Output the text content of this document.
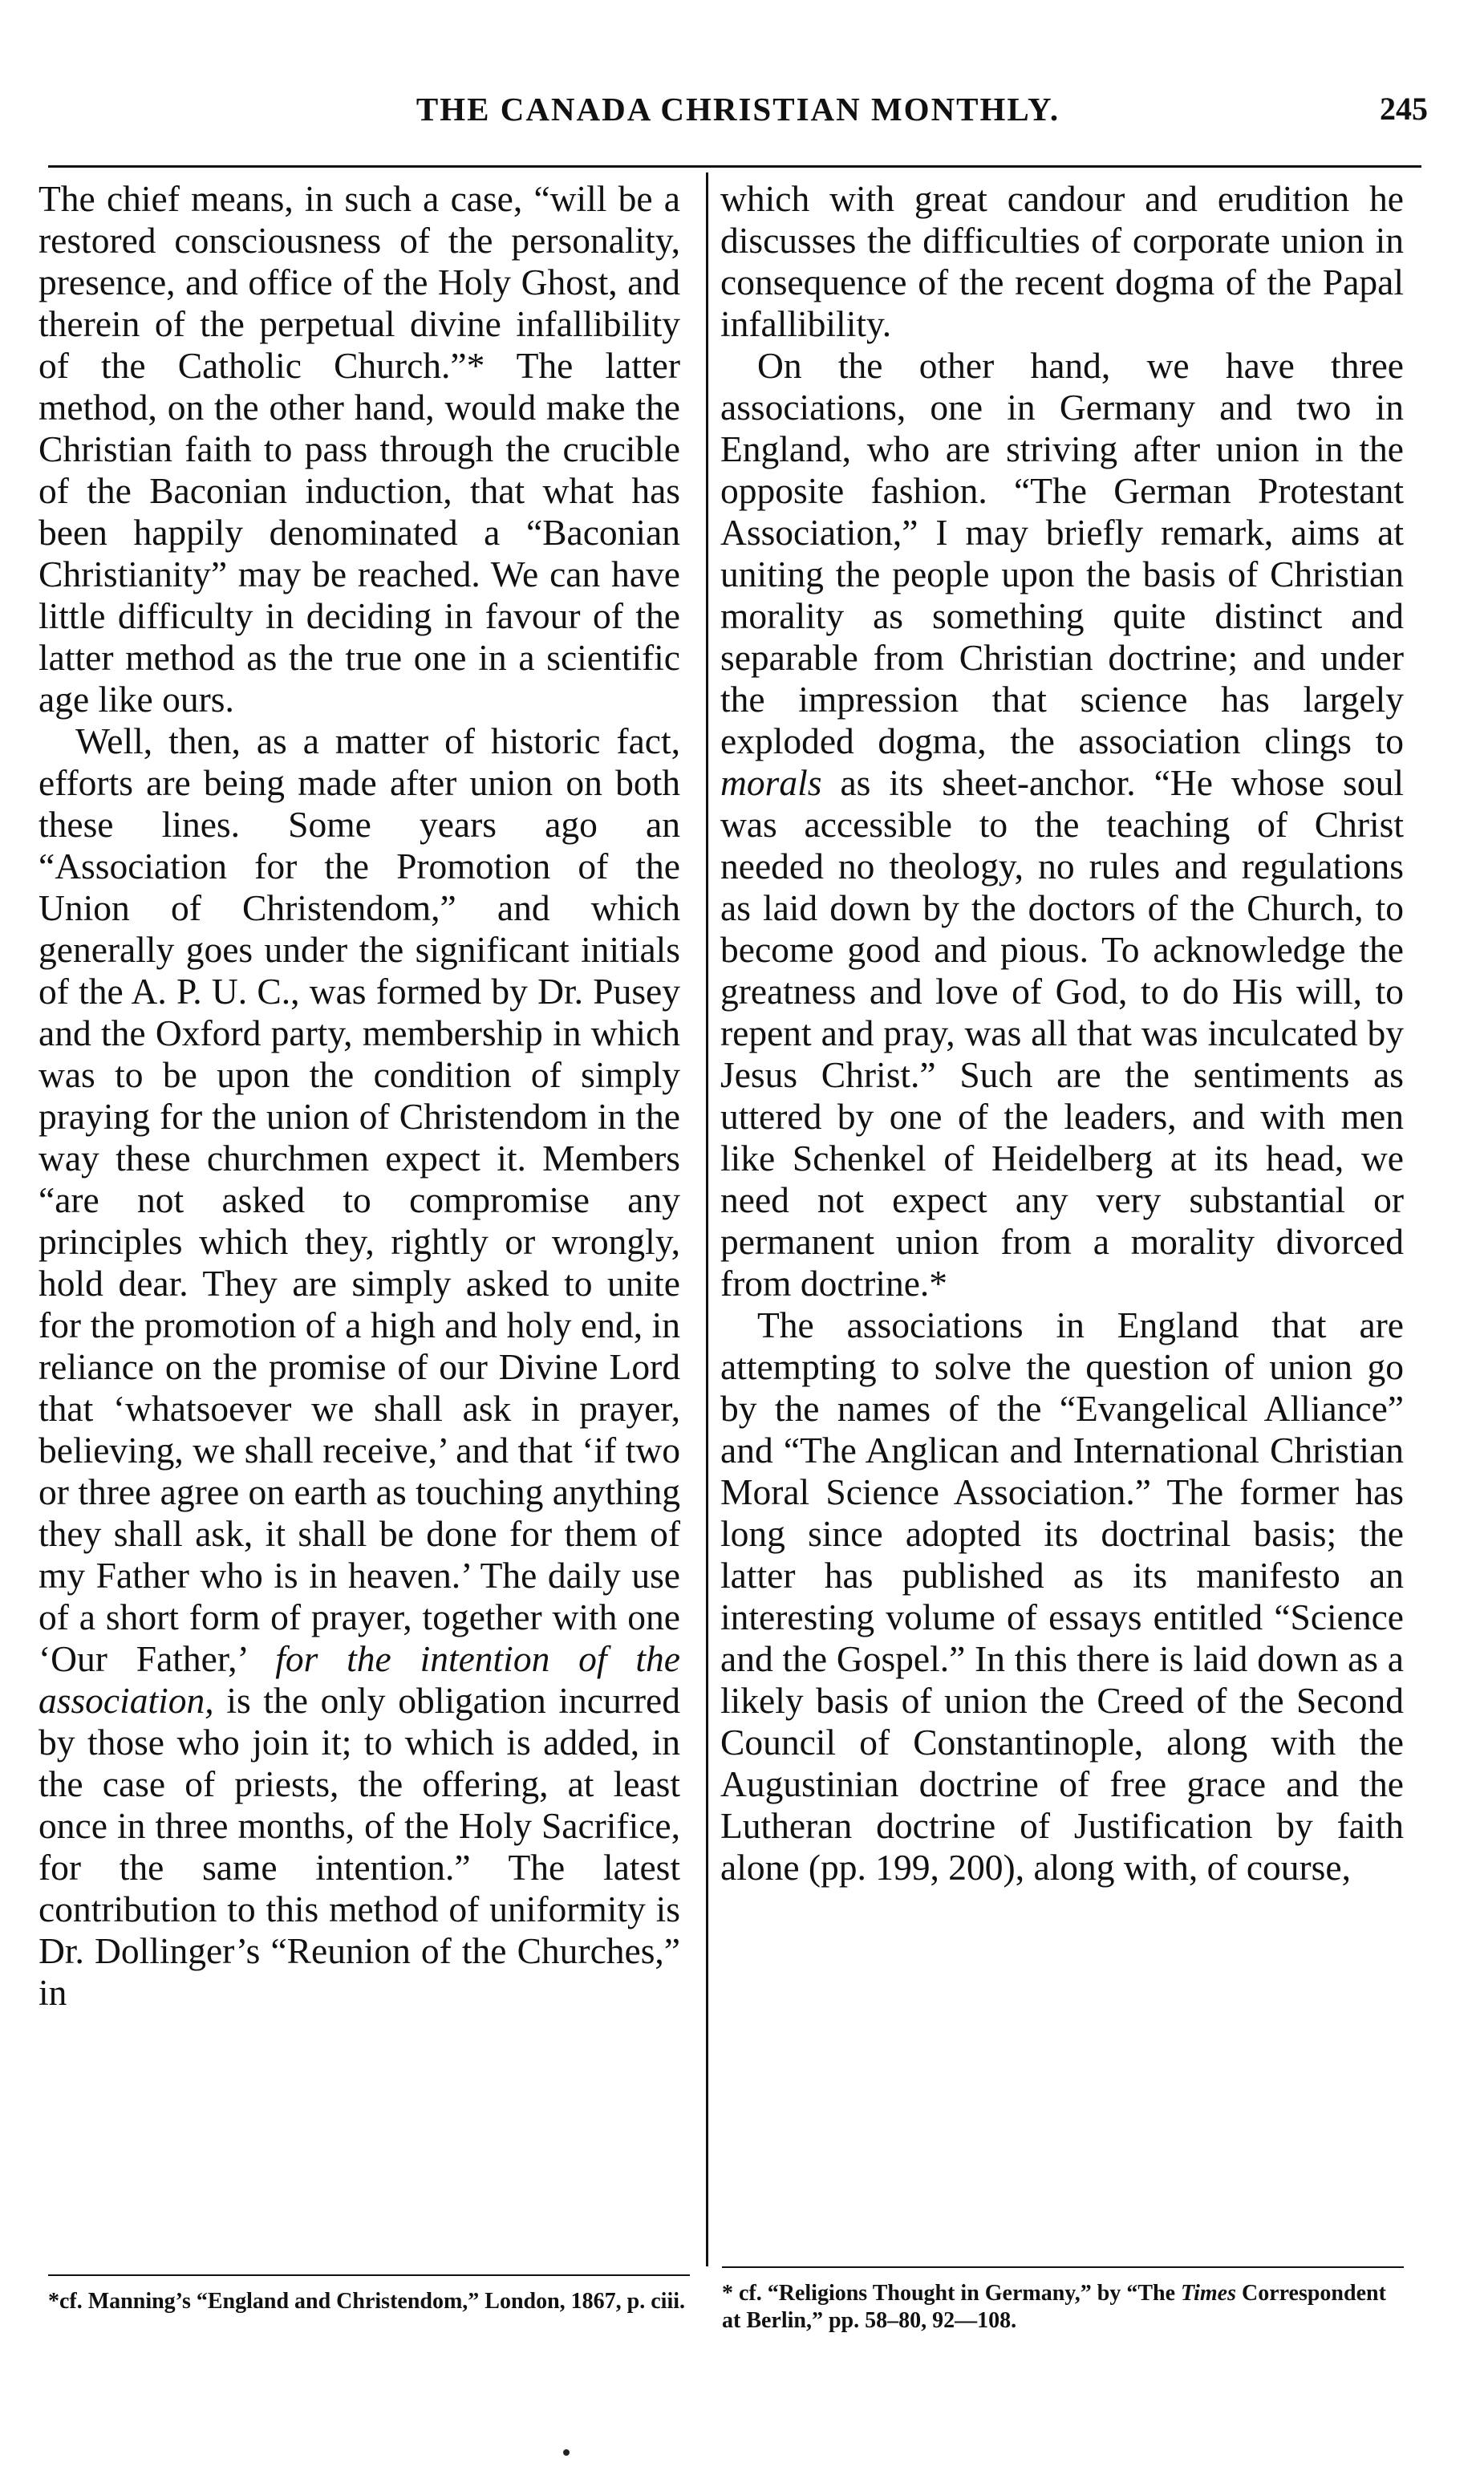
THE CANADA CHRISTIAN MONTHLY.	245

The chief means, in such a case, “will be a restored consciousness of the personality, presence, and office of the Holy Ghost, and therein of the perpetual divine infallibility of the Catholic Church.”* The latter method, on the other hand, would make the Christian faith to pass through the crucible of the Baconian induction, that what has been happily denominated a “Baconian Christianity” may be reached. We can have little difficulty in deciding in favour of the latter method as the true one in a scientific age like ours.

Well, then, as a matter of historic fact, efforts are being made after union on both these lines. Some years ago an “Association for the Promotion of the Union of Christendom,” and which generally goes under the significant initials of the A. P. U. C., was formed by Dr. Pusey and the Oxford party, membership in which was to be upon the condition of simply praying for the union of Christendom in the way these churchmen expect it. Members “are not asked to compromise any principles which they, rightly or wrongly, hold dear. They are simply asked to unite for the promotion of a high and holy end, in reliance on the promise of our Divine Lord that ‘whatsoever we shall ask in prayer, believing, we shall receive,’ and that ‘if two or three agree on earth as touching anything they shall ask, it shall be done for them of my Father who is in heaven.’ The daily use of a short form of prayer, together with one ‘Our Father,’ for the intention of the association, is the only obligation incurred by those who join it; to which is added, in the case of priests, the offering, at least once in three months, of the Holy Sacrifice, for the same intention.” The latest contribution to this method of uniformity is Dr. Dollinger’s “Reunion of the Churches,” in

which with great candour and erudition he discusses the difficulties of corporate union in consequence of the recent dogma of the Papal infallibility.

On the other hand, we have three associations, one in Germany and two in England, who are striving after union in the opposite fashion. “The German Protestant Association,” I may briefly remark, aims at uniting the people upon the basis of Christian morality as something quite distinct and separable from Christian doctrine; and under the impression that science has largely exploded dogma, the association clings to morals as its sheet-anchor. “He whose soul was accessible to the teaching of Christ needed no theology, no rules and regulations as laid down by the doctors of the Church, to become good and pious. To acknowledge the greatness and love of God, to do His will, to repent and pray, was all that was inculcated by Jesus Christ.” Such are the sentiments as uttered by one of the leaders, and with men like Schenkel of Heidelberg at its head, we need not expect any very substantial or permanent union from a morality divorced from doctrine.*

The associations in England that are attempting to solve the question of union go by the names of the “Evangelical Alliance” and “The Anglican and International Christian Moral Science Association.” The former has long since adopted its doctrinal basis; the latter has published as its manifesto an interesting volume of essays entitled “Science and the Gospel.” In this there is laid down as a likely basis of union the Creed of the Second Council of Constantinople, along with the Augustinian doctrine of free grace and the Lutheran doctrine of Justification by faith alone (pp. 199, 200), along with, of course,

*cf. Manning’s “England and Christendom,” London, 1867, p. ciii. * cf. “Religions Thought in Germany,” by “The Times Correspondent at Berlin,” pp. 58–80, 92—108.
